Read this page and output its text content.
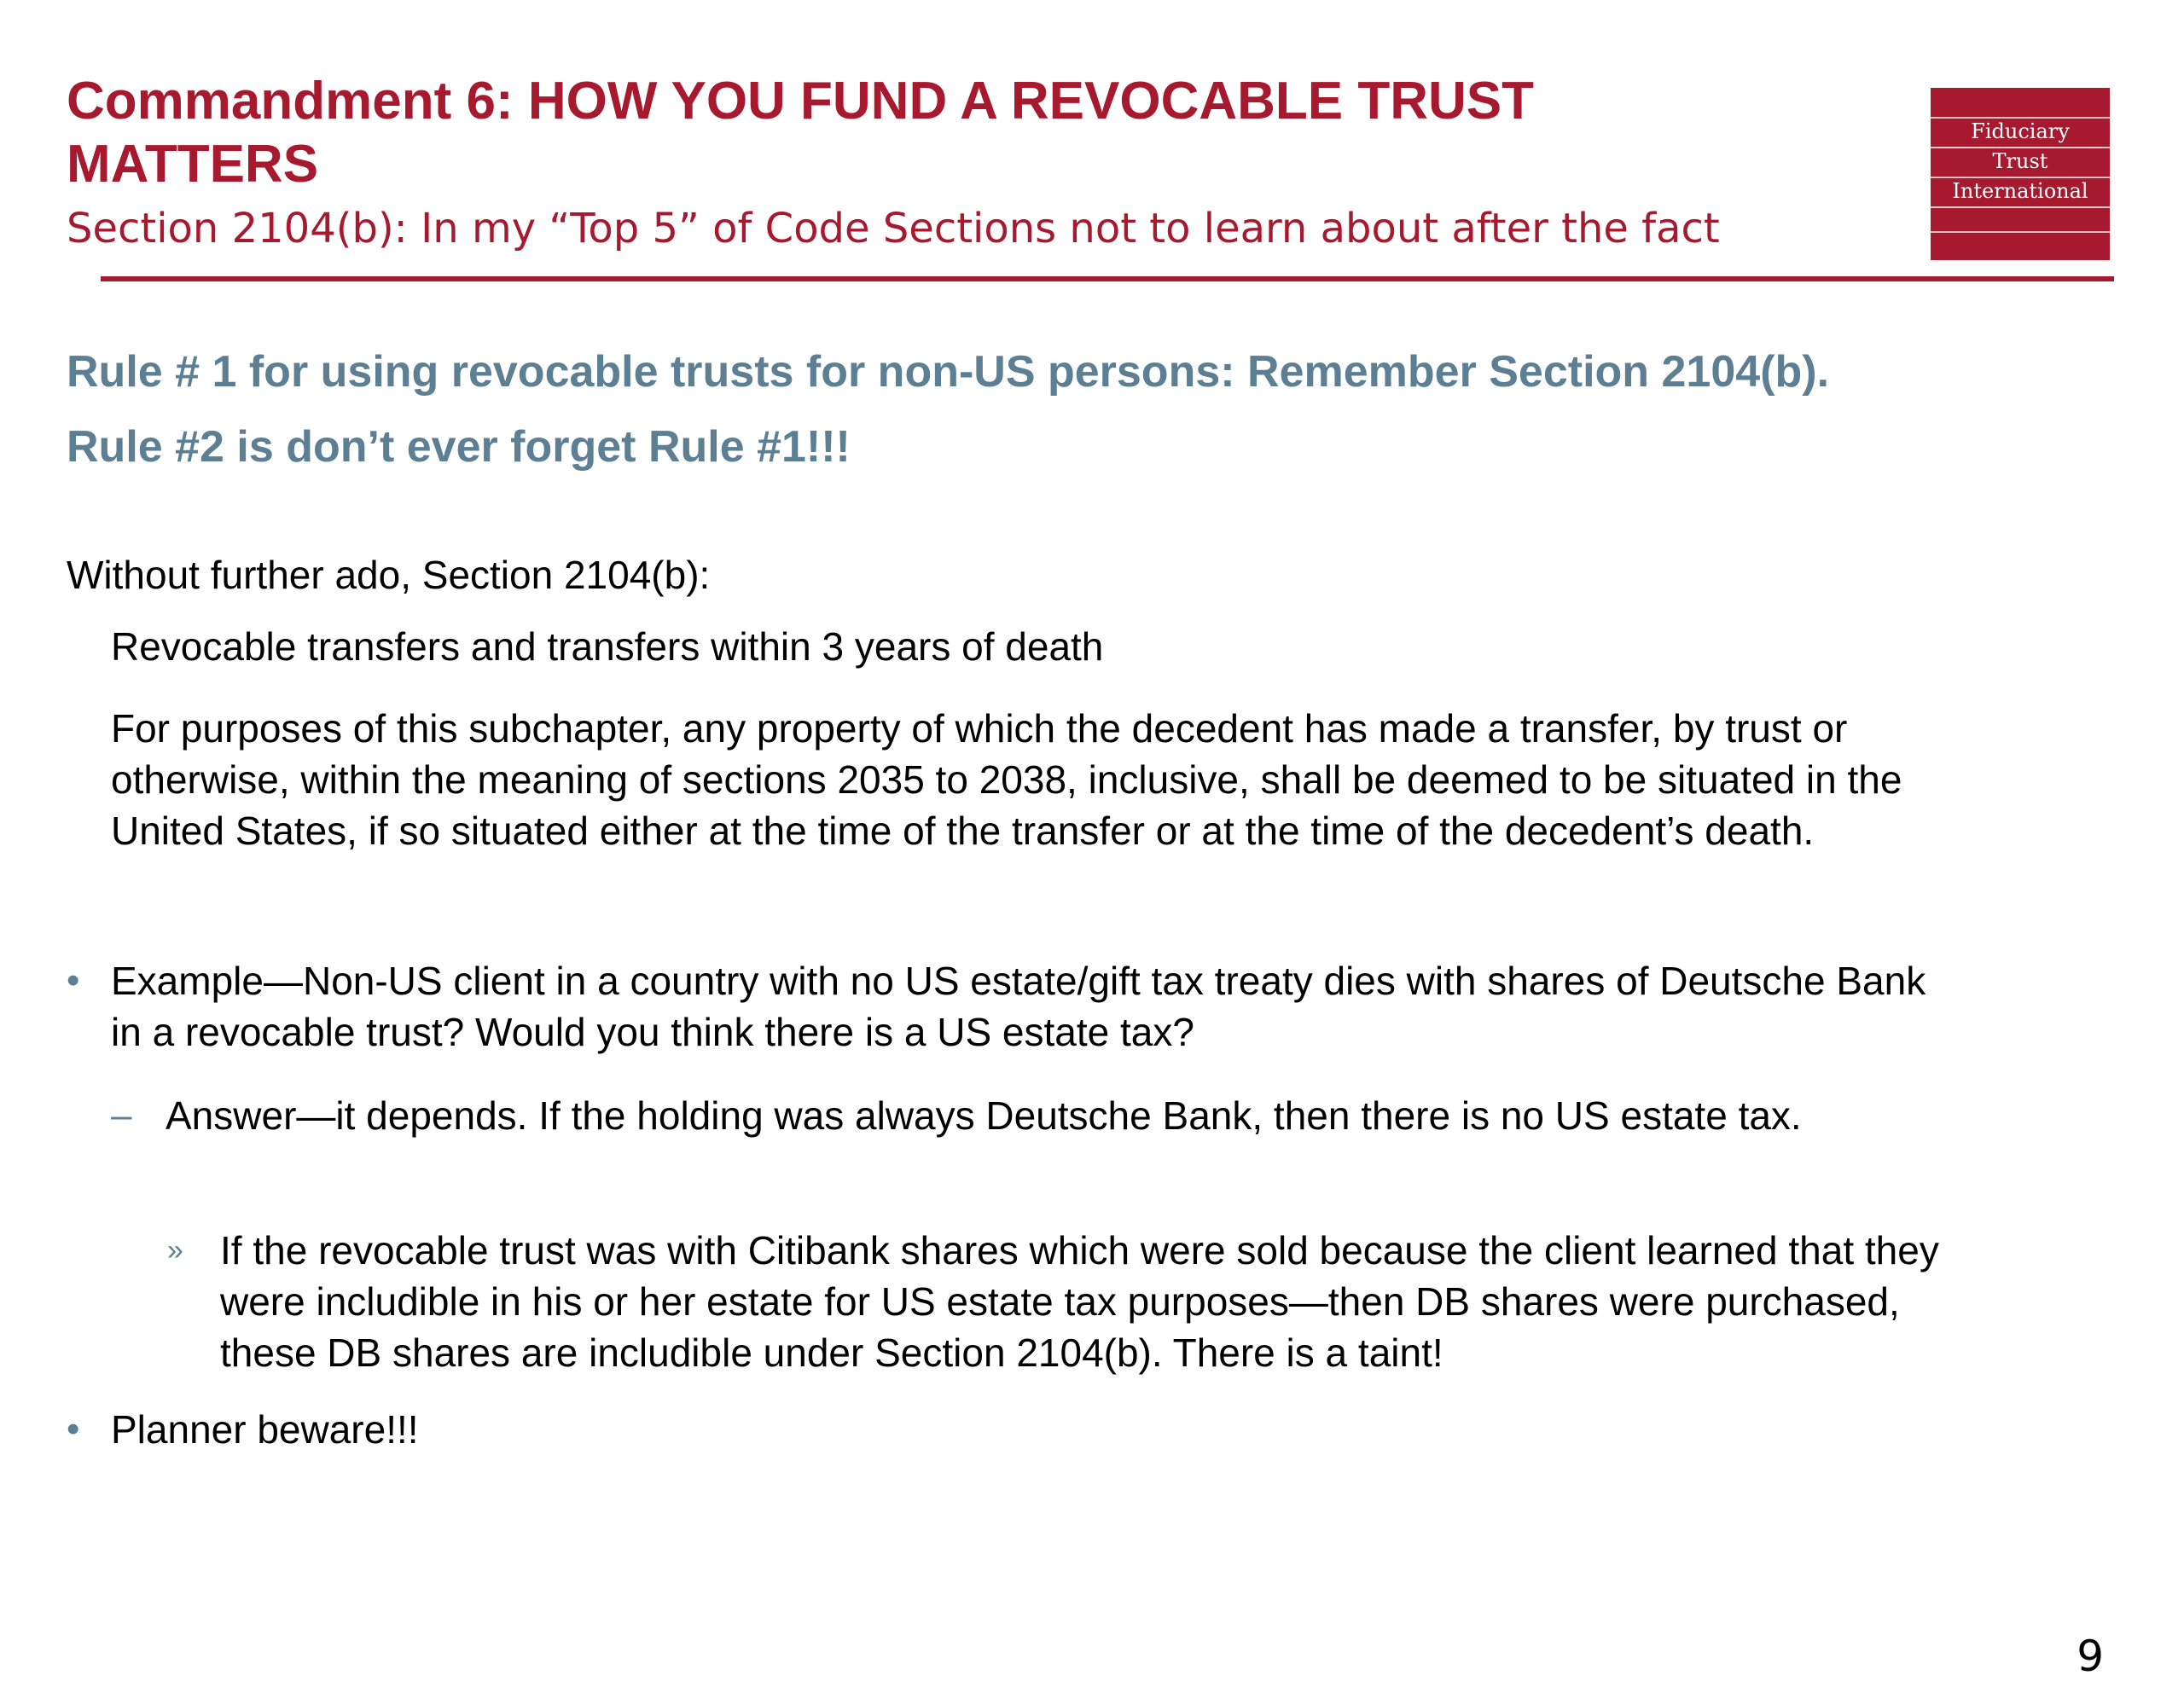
Commandment 6: HOW YOU FUND A REVOCABLE TRUST MATTERS
Section 2104(b): In my “Top 5” of Code Sections not to learn about after the fact
Fiduciary
Trust
International
Rule # 1 for using revocable trusts for non-US persons: Remember Section 2104(b).
Rule #2 is don’t ever forget Rule #1!!!
Without further ado, Section 2104(b):
Revocable transfers and transfers within 3 years of death
For purposes of this subchapter, any property of which the decedent has made a transfer, by trust or otherwise, within the meaning of sections 2035 to 2038, inclusive, shall be deemed to be situated in the United States, if so situated either at the time of the transfer or at the time of the decedent’s death.
• Example—Non-US client in a country with no US estate/gift tax treaty dies with shares of Deutsche Bank in a revocable trust? Would you think there is a US estate tax?
– Answer—it depends. If the holding was always Deutsche Bank, then there is no US estate tax.
» If the revocable trust was with Citibank shares which were sold because the client learned that they were includible in his or her estate for US estate tax purposes—then DB shares were purchased, these DB shares are includible under Section 2104(b). There is a taint!
• Planner beware!!!
9
